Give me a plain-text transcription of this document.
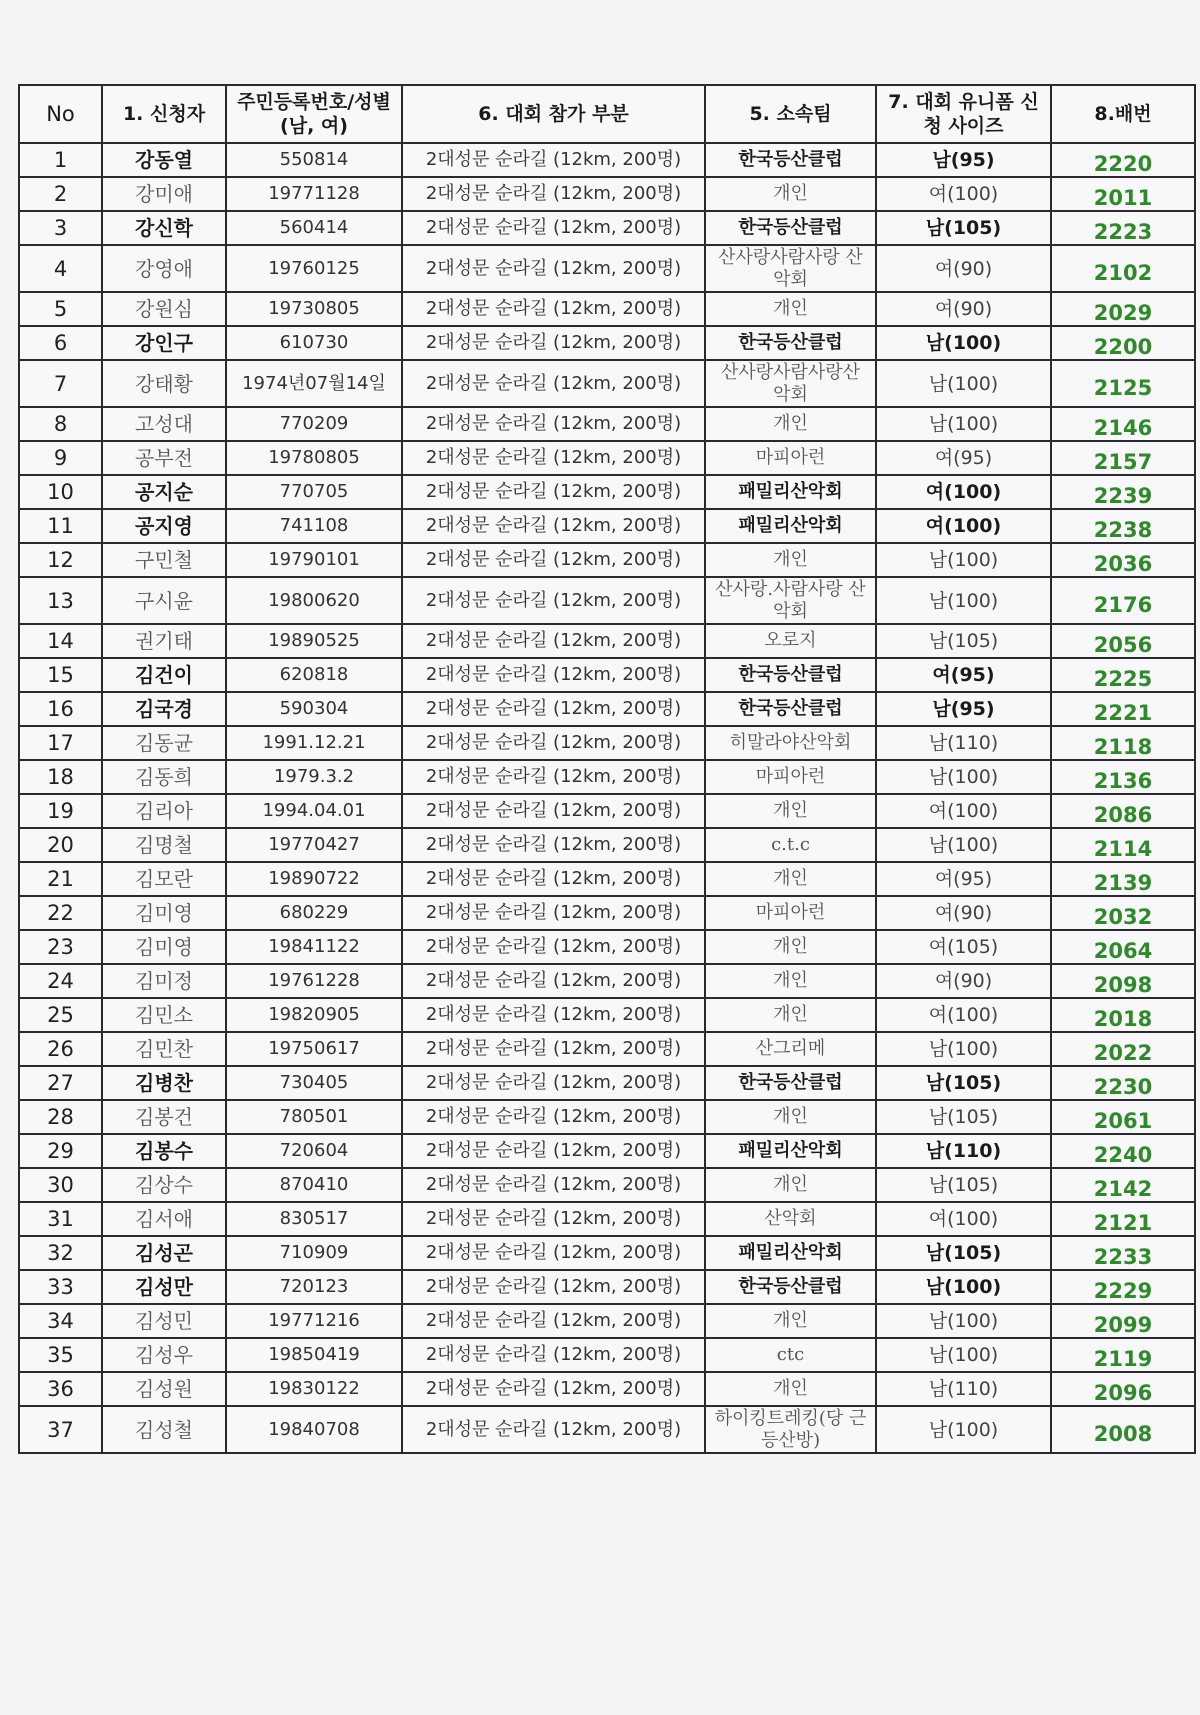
No	1. 신청자	주민등록번호/성별 (남, 여)	6. 대회 참가 부분	5. 소속팀	7. 대회 유니폼 신청 사이즈	8.배번
1	강동열	550814	2대성문 순라길 (12km, 200명)	한국등산클럽	남(95)	2220
2	강미애	19771128	2대성문 순라길 (12km, 200명)	개인	여(100)	2011
3	강신학	560414	2대성문 순라길 (12km, 200명)	한국등산클럽	남(105)	2223
4	강영애	19760125	2대성문 순라길 (12km, 200명)	산사랑사람사랑 산악회	여(90)	2102
5	강원심	19730805	2대성문 순라길 (12km, 200명)	개인	여(90)	2029
6	강인구	610730	2대성문 순라길 (12km, 200명)	한국등산클럽	남(100)	2200
7	강태황	1974년07월14일	2대성문 순라길 (12km, 200명)	산사랑사람사랑산 악회	남(100)	2125
8	고성대	770209	2대성문 순라길 (12km, 200명)	개인	남(100)	2146
9	공부전	19780805	2대성문 순라길 (12km, 200명)	마피아런	여(95)	2157
10	공지순	770705	2대성문 순라길 (12km, 200명)	패밀리산악회	여(100)	2239
11	공지영	741108	2대성문 순라길 (12km, 200명)	패밀리산악회	여(100)	2238
12	구민철	19790101	2대성문 순라길 (12km, 200명)	개인	남(100)	2036
13	구시윤	19800620	2대성문 순라길 (12km, 200명)	산사랑.사람사랑 산악회	남(100)	2176
14	권기태	19890525	2대성문 순라길 (12km, 200명)	오로지	남(105)	2056
15	김건이	620818	2대성문 순라길 (12km, 200명)	한국등산클럽	여(95)	2225
16	김국경	590304	2대성문 순라길 (12km, 200명)	한국등산클럽	남(95)	2221
17	김동균	1991.12.21	2대성문 순라길 (12km, 200명)	히말라야산악회	남(110)	2118
18	김동희	1979.3.2	2대성문 순라길 (12km, 200명)	마피아런	남(100)	2136
19	김리아	1994.04.01	2대성문 순라길 (12km, 200명)	개인	여(100)	2086
20	김명철	19770427	2대성문 순라길 (12km, 200명)	c.t.c	남(100)	2114
21	김모란	19890722	2대성문 순라길 (12km, 200명)	개인	여(95)	2139
22	김미영	680229	2대성문 순라길 (12km, 200명)	마피아런	여(90)	2032
23	김미영	19841122	2대성문 순라길 (12km, 200명)	개인	여(105)	2064
24	김미정	19761228	2대성문 순라길 (12km, 200명)	개인	여(90)	2098
25	김민소	19820905	2대성문 순라길 (12km, 200명)	개인	여(100)	2018
26	김민찬	19750617	2대성문 순라길 (12km, 200명)	산그리메	남(100)	2022
27	김병찬	730405	2대성문 순라길 (12km, 200명)	한국등산클럽	남(105)	2230
28	김봉건	780501	2대성문 순라길 (12km, 200명)	개인	남(105)	2061
29	김봉수	720604	2대성문 순라길 (12km, 200명)	패밀리산악회	남(110)	2240
30	김상수	870410	2대성문 순라길 (12km, 200명)	개인	남(105)	2142
31	김서애	830517	2대성문 순라길 (12km, 200명)	산악회	여(100)	2121
32	김성곤	710909	2대성문 순라길 (12km, 200명)	패밀리산악회	남(105)	2233
33	김성만	720123	2대성문 순라길 (12km, 200명)	한국등산클럽	남(100)	2229
34	김성민	19771216	2대성문 순라길 (12km, 200명)	개인	남(100)	2099
35	김성우	19850419	2대성문 순라길 (12km, 200명)	ctc	남(100)	2119
36	김성원	19830122	2대성문 순라길 (12km, 200명)	개인	남(110)	2096
37	김성철	19840708	2대성문 순라길 (12km, 200명)	하이킹트레킹(당 근등산방)	남(100)	2008
